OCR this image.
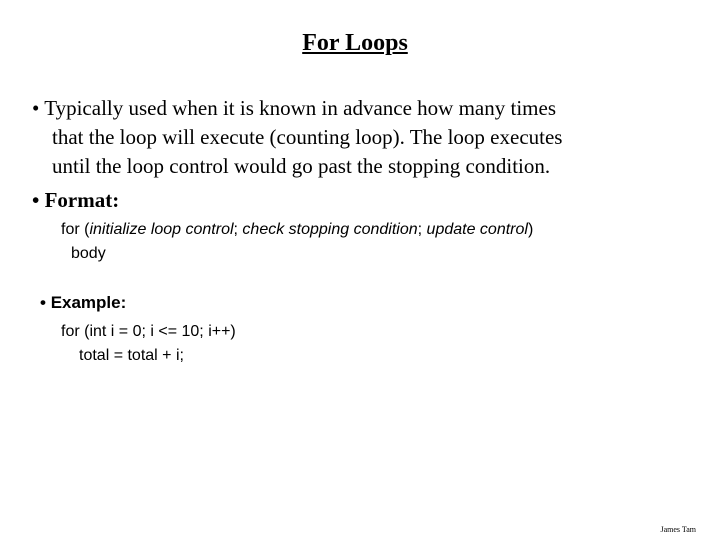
For Loops
• Typically used when it is known in advance how many times
that the loop will execute (counting loop). The loop executes
until the loop control would go past the stopping condition.
• Format:
for (initialize loop control; check stopping condition; update control)
body
• Example:
for (int i = 0; i <= 10; i++)
total = total + i;
James Tam
